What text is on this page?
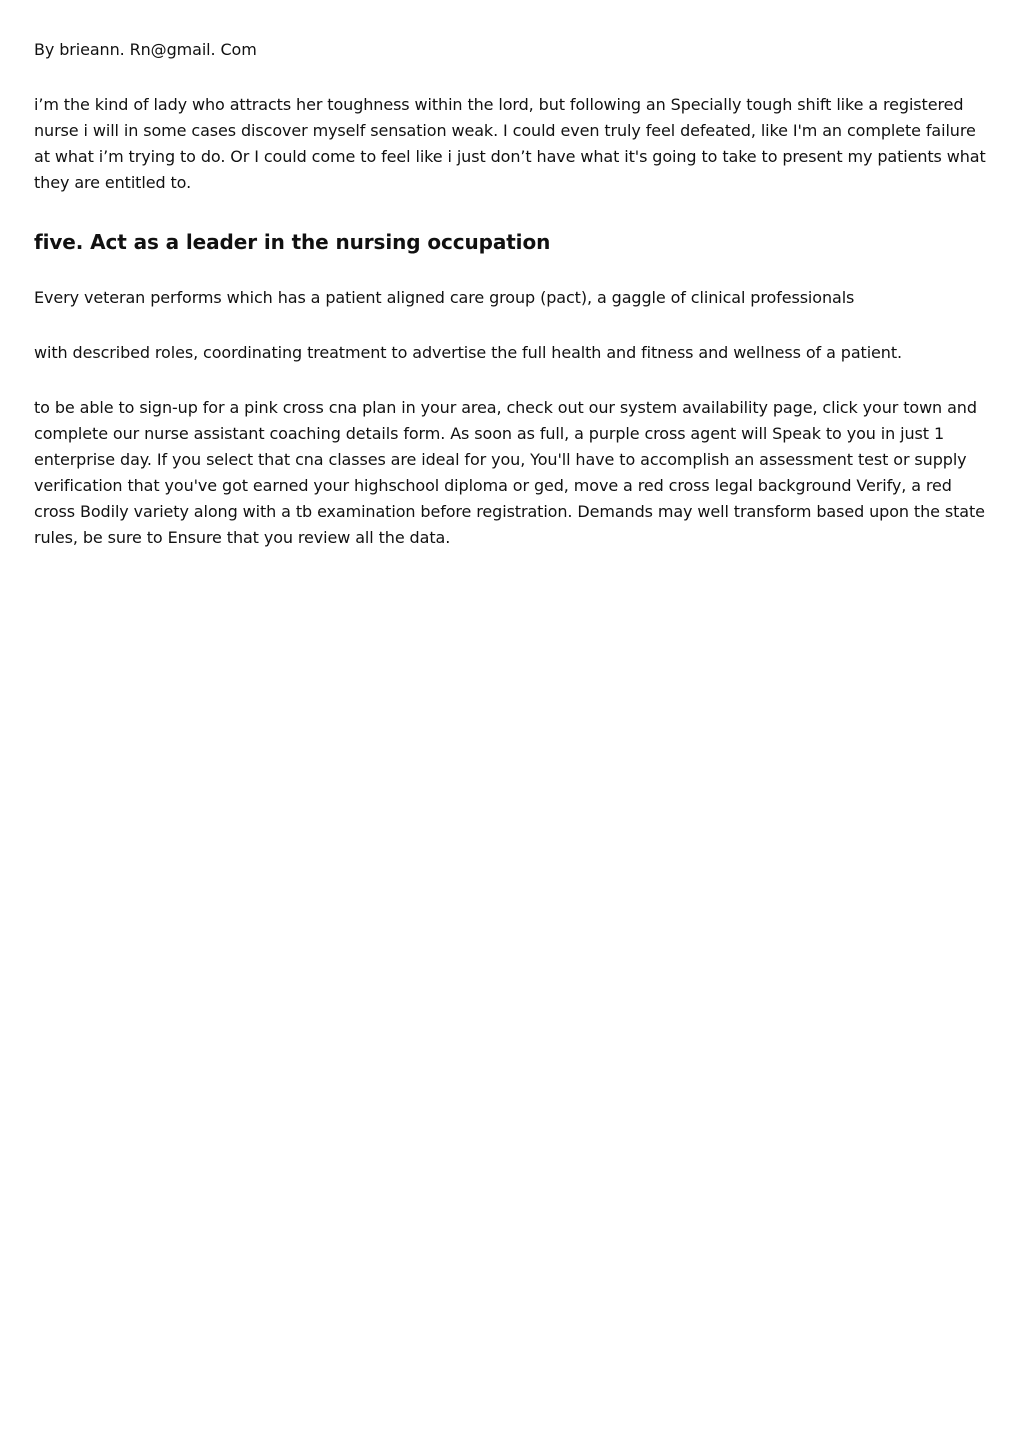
By brieann. Rn@gmail. Com

i’m the kind of lady who attracts her toughness within the lord, but following an Specially tough shift like a registered nurse i will in some cases discover myself sensation weak. I could even truly feel defeated, like I'm an complete failure at what i’m trying to do. Or I could come to feel like i just don’t have what it's going to take to present my patients what they are entitled to.

five. Act as a leader in the nursing occupation

Every veteran performs which has a patient aligned care group (pact), a gaggle of clinical professionals

with described roles, coordinating treatment to advertise the full health and fitness and wellness of a patient.

to be able to sign-up for a pink cross cna plan in your area, check out our system availability page, click your town and complete our nurse assistant coaching details form. As soon as full, a purple cross agent will Speak to you in just 1 enterprise day. If you select that cna classes are ideal for you, You'll have to accomplish an assessment test or supply verification that you've got earned your highschool diploma or ged, move a red cross legal background Verify, a red cross Bodily variety along with a tb examination before registration. Demands may well transform based upon the state rules, be sure to Ensure that you review all the data.
